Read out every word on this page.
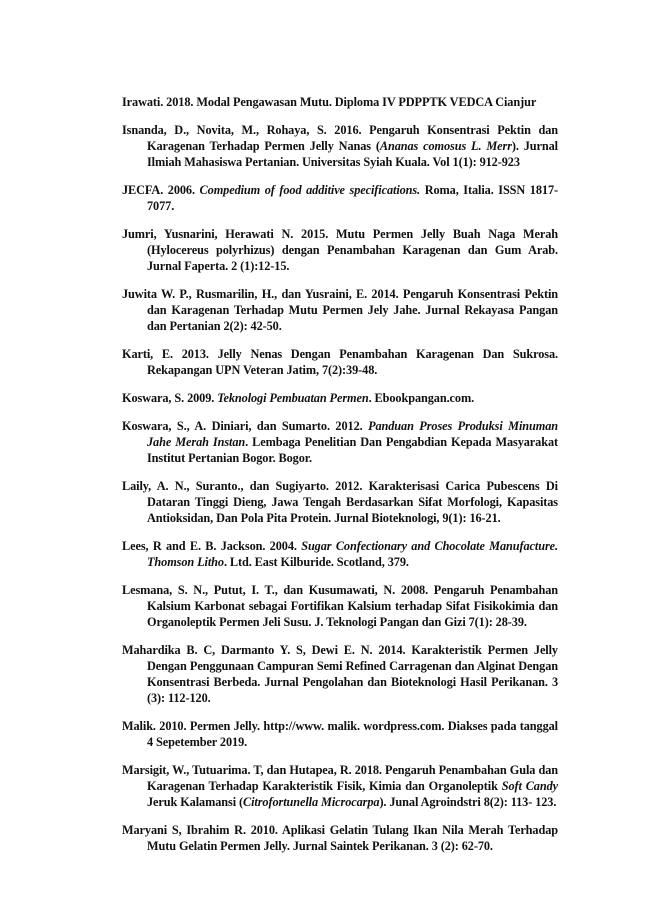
Irawati. 2018. Modal Pengawasan Mutu. Diploma IV PDPPTK VEDCA Cianjur

Isnanda, D., Novita, M., Rohaya, S. 2016. Pengaruh Konsentrasi Pektin dan Karagenan Terhadap Permen Jelly Nanas (Ananas comosus L. Merr). Jurnal Ilmiah Mahasiswa Pertanian. Universitas Syiah Kuala. Vol 1(1): 912-923

JECFA. 2006. Compedium of food additive specifications. Roma, Italia. ISSN 1817-7077.

Jumri, Yusnarini, Herawati N. 2015. Mutu Permen Jelly Buah Naga Merah (Hylocereus polyrhizus) dengan Penambahan Karagenan dan Gum Arab. Jurnal Faperta. 2 (1):12-15.

Juwita W. P., Rusmarilin, H., dan Yusraini, E. 2014. Pengaruh Konsentrasi Pektin dan Karagenan Terhadap Mutu Permen Jely Jahe. Jurnal Rekayasa Pangan dan Pertanian 2(2): 42-50.

Karti, E. 2013. Jelly Nenas Dengan Penambahan Karagenan Dan Sukrosa. Rekapangan UPN Veteran Jatim, 7(2):39-48.

Koswara, S. 2009. Teknologi Pembuatan Permen. Ebookpangan.com.

Koswara, S., A. Diniari, dan Sumarto. 2012. Panduan Proses Produksi Minuman Jahe Merah Instan. Lembaga Penelitian Dan Pengabdian Kepada Masyarakat Institut Pertanian Bogor. Bogor.

Laily, A. N., Suranto., dan Sugiyarto. 2012. Karakterisasi Carica Pubescens Di Dataran Tinggi Dieng, Jawa Tengah Berdasarkan Sifat Morfologi, Kapasitas Antioksidan, Dan Pola Pita Protein. Jurnal Bioteknologi, 9(1): 16-21.

Lees, R and E. B. Jackson. 2004. Sugar Confectionary and Chocolate Manufacture. Thomson Litho. Ltd. East Kilburide. Scotland, 379.

Lesmana, S. N., Putut, I. T., dan Kusumawati, N. 2008. Pengaruh Penambahan Kalsium Karbonat sebagai Fortifikan Kalsium terhadap Sifat Fisikokimia dan Organoleptik Permen Jeli Susu. J. Teknologi Pangan dan Gizi 7(1): 28-39.

Mahardika B. C, Darmanto Y. S, Dewi E. N. 2014. Karakteristik Permen Jelly Dengan Penggunaan Campuran Semi Refined Carragenan dan Alginat Dengan Konsentrasi Berbeda. Jurnal Pengolahan dan Bioteknologi Hasil Perikanan. 3 (3): 112-120.

Malik. 2010. Permen Jelly. http://www. malik. wordpress.com. Diakses pada tanggal 4 Sepetember 2019.

Marsigit, W., Tutuarima. T, dan Hutapea, R. 2018. Pengaruh Penambahan Gula dan Karagenan Terhadap Karakteristik Fisik, Kimia dan Organoleptik Soft Candy Jeruk Kalamansi (Citrofortunella Microcarpa). Junal Agroindstri 8(2): 113- 123.

Maryani S, Ibrahim R. 2010. Aplikasi Gelatin Tulang Ikan Nila Merah Terhadap Mutu Gelatin Permen Jelly. Jurnal Saintek Perikanan. 3 (2): 62-70.
